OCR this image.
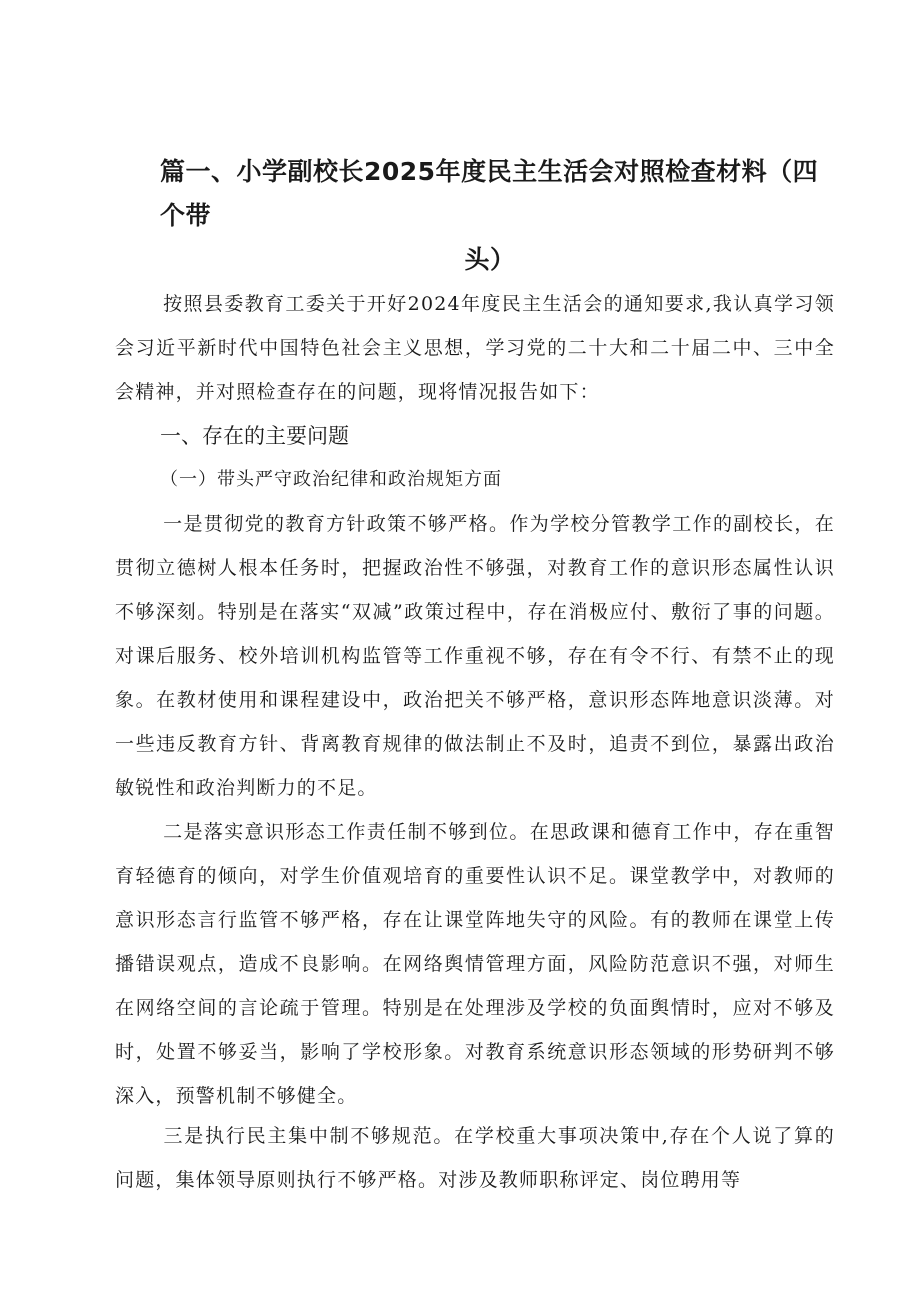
篇一、小学副校长2025年度民主生活会对照检查材料（四个带
头）

按照县委教育工委关于开好2024年度民主生活会的通知要求,我认真学习领会习近平新时代中国特色社会主义思想，学习党的二十大和二十届二中、三中全会精神，并对照检查存在的问题，现将情况报告如下：

一、存在的主要问题
（一）带头严守政治纪律和政治规矩方面

一是贯彻党的教育方针政策不够严格。作为学校分管教学工作的副校长，在贯彻立德树人根本任务时，把握政治性不够强，对教育工作的意识形态属性认识不够深刻。特别是在落实“双减”政策过程中，存在消极应付、敷衍了事的问题。对课后服务、校外培训机构监管等工作重视不够，存在有令不行、有禁不止的现象。在教材使用和课程建设中，政治把关不够严格，意识形态阵地意识淡薄。对一些违反教育方针、背离教育规律的做法制止不及时，追责不到位，暴露出政治敏锐性和政治判断力的不足。

二是落实意识形态工作责任制不够到位。在思政课和德育工作中，存在重智育轻德育的倾向，对学生价值观培育的重要性认识不足。课堂教学中，对教师的意识形态言行监管不够严格，存在让课堂阵地失守的风险。有的教师在课堂上传播错误观点，造成不良影响。在网络舆情管理方面，风险防范意识不强，对师生在网络空间的言论疏于管理。特别是在处理涉及学校的负面舆情时，应对不够及时，处置不够妥当，影响了学校形象。对教育系统意识形态领域的形势研判不够深入，预警机制不够健全。

三是执行民主集中制不够规范。在学校重大事项决策中,存在个人说了算的问题，集体领导原则执行不够严格。对涉及教师职称评定、岗位聘用等
